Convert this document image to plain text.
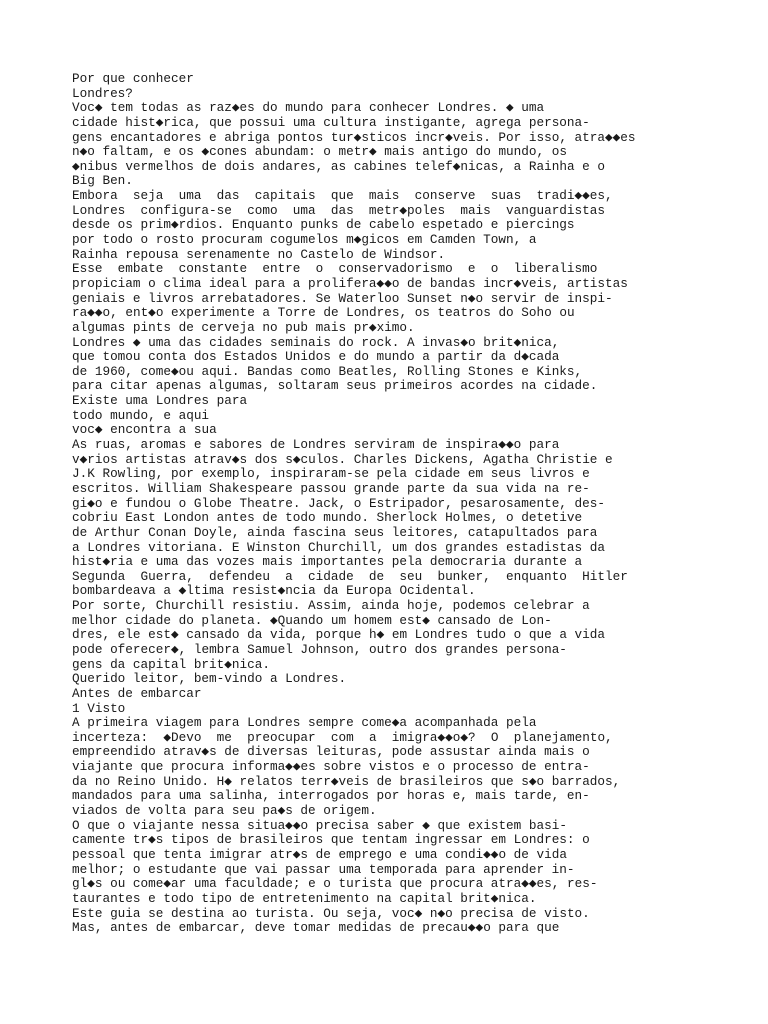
Por que conhecer
Londres?
Voc◆ tem todas as raz◆es do mundo para conhecer Londres. ◆ uma
cidade hist◆rica, que possui uma cultura instigante, agrega persona-
gens encantadores e abriga pontos tur◆sticos incr◆veis. Por isso, atra◆◆es
n◆o faltam, e os ◆cones abundam: o metr◆ mais antigo do mundo, os
◆nibus vermelhos de dois andares, as cabines telef◆nicas, a Rainha e o
Big Ben.
Embora  seja  uma  das  capitais  que  mais  conserve  suas  tradi◆◆es,
Londres  configura-se  como  uma  das  metr◆poles  mais  vanguardistas
desde os prim◆rdios. Enquanto punks de cabelo espetado e piercings
por todo o rosto procuram cogumelos m◆gicos em Camden Town, a
Rainha repousa serenamente no Castelo de Windsor.
Esse  embate  constante  entre  o  conservadorismo  e  o  liberalismo
propiciam o clima ideal para a prolifera◆◆o de bandas incr◆veis, artistas
geniais e livros arrebatadores. Se Waterloo Sunset n◆o servir de inspi-
ra◆◆o, ent◆o experimente a Torre de Londres, os teatros do Soho ou
algumas pints de cerveja no pub mais pr◆ximo.
Londres ◆ uma das cidades seminais do rock. A invas◆o brit◆nica,
que tomou conta dos Estados Unidos e do mundo a partir da d◆cada
de 1960, come◆ou aqui. Bandas como Beatles, Rolling Stones e Kinks,
para citar apenas algumas, soltaram seus primeiros acordes na cidade.
Existe uma Londres para
todo mundo, e aqui
voc◆ encontra a sua
As ruas, aromas e sabores de Londres serviram de inspira◆◆o para
v◆rios artistas atrav◆s dos s◆culos. Charles Dickens, Agatha Christie e
J.K Rowling, por exemplo, inspiraram-se pela cidade em seus livros e
escritos. William Shakespeare passou grande parte da sua vida na re-
gi◆o e fundou o Globe Theatre. Jack, o Estripador, pesarosamente, des-
cobriu East London antes de todo mundo. Sherlock Holmes, o detetive
de Arthur Conan Doyle, ainda fascina seus leitores, catapultados para
a Londres vitoriana. E Winston Churchill, um dos grandes estadistas da
hist◆ria e uma das vozes mais importantes pela democraria durante a
Segunda  Guerra,  defendeu  a  cidade  de  seu  bunker,  enquanto  Hitler
bombardeava a ◆ltima resist◆ncia da Europa Ocidental.
Por sorte, Churchill resistiu. Assim, ainda hoje, podemos celebrar a
melhor cidade do planeta. ◆Quando um homem est◆ cansado de Lon-
dres, ele est◆ cansado da vida, porque h◆ em Londres tudo o que a vida
pode oferecer◆, lembra Samuel Johnson, outro dos grandes persona-
gens da capital brit◆nica.
Querido leitor, bem-vindo a Londres.
Antes de embarcar
1 Visto
A primeira viagem para Londres sempre come◆a acompanhada pela
incerteza:  ◆Devo  me  preocupar  com  a  imigra◆◆o◆?  O  planejamento,
empreendido atrav◆s de diversas leituras, pode assustar ainda mais o
viajante que procura informa◆◆es sobre vistos e o processo de entra-
da no Reino Unido. H◆ relatos terr◆veis de brasileiros que s◆o barrados,
mandados para uma salinha, interrogados por horas e, mais tarde, en-
viados de volta para seu pa◆s de origem.
O que o viajante nessa situa◆◆o precisa saber ◆ que existem basi-
camente tr◆s tipos de brasileiros que tentam ingressar em Londres: o
pessoal que tenta imigrar atr◆s de emprego e uma condi◆◆o de vida
melhor; o estudante que vai passar uma temporada para aprender in-
gl◆s ou come◆ar uma faculdade; e o turista que procura atra◆◆es, res-
taurantes e todo tipo de entretenimento na capital brit◆nica.
Este guia se destina ao turista. Ou seja, voc◆ n◆o precisa de visto.
Mas, antes de embarcar, deve tomar medidas de precau◆◆o para que
